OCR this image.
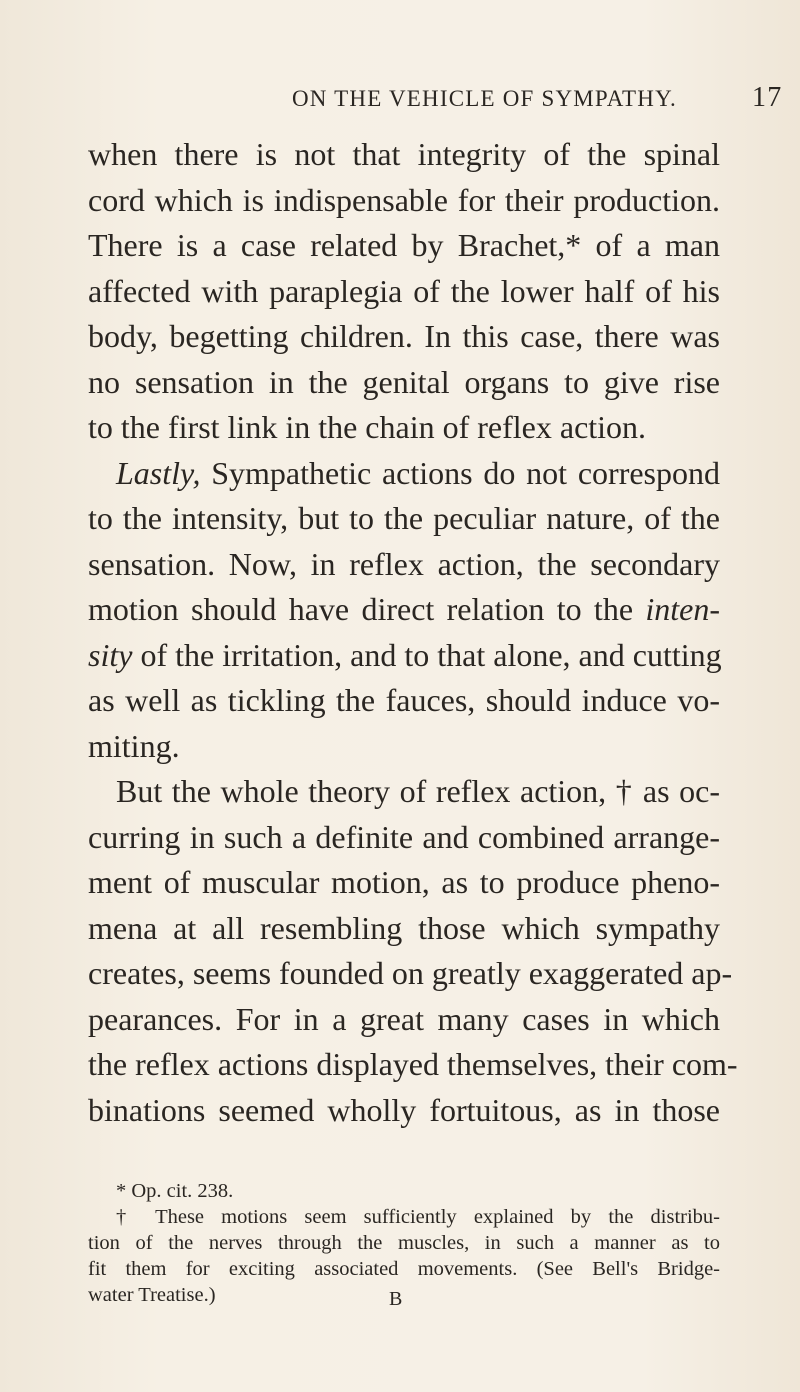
ON THE VEHICLE OF SYMPATHY.	17
when there is not that integrity of the spinal
cord which is indispensable for their production.
There is a case related by Brachet,* of a man
affected with paraplegia of the lower half of his
body, begetting children. In this case, there was
no sensation in the genital organs to give rise
to the first link in the chain of reflex action.
Lastly, Sympathetic actions do not correspond
to the intensity, but to the peculiar nature, of the
sensation. Now, in reflex action, the secondary
motion should have direct relation to the inten-
sity of the irritation, and to that alone, and cutting
as well as tickling the fauces, should induce vo-
miting.
But the whole theory of reflex action, † as oc-
curring in such a definite and combined arrange-
ment of muscular motion, as to produce pheno-
mena at all resembling those which sympathy
creates, seems founded on greatly exaggerated ap-
pearances. For in a great many cases in which
the reflex actions displayed themselves, their com-
binations seemed wholly fortuitous, as in those
* Op. cit. 238.
† These motions seem sufficiently explained by the distribu-
tion of the nerves through the muscles, in such a manner as to
fit them for exciting associated movements. (See Bell's Bridge-
water Treatise.)	B
